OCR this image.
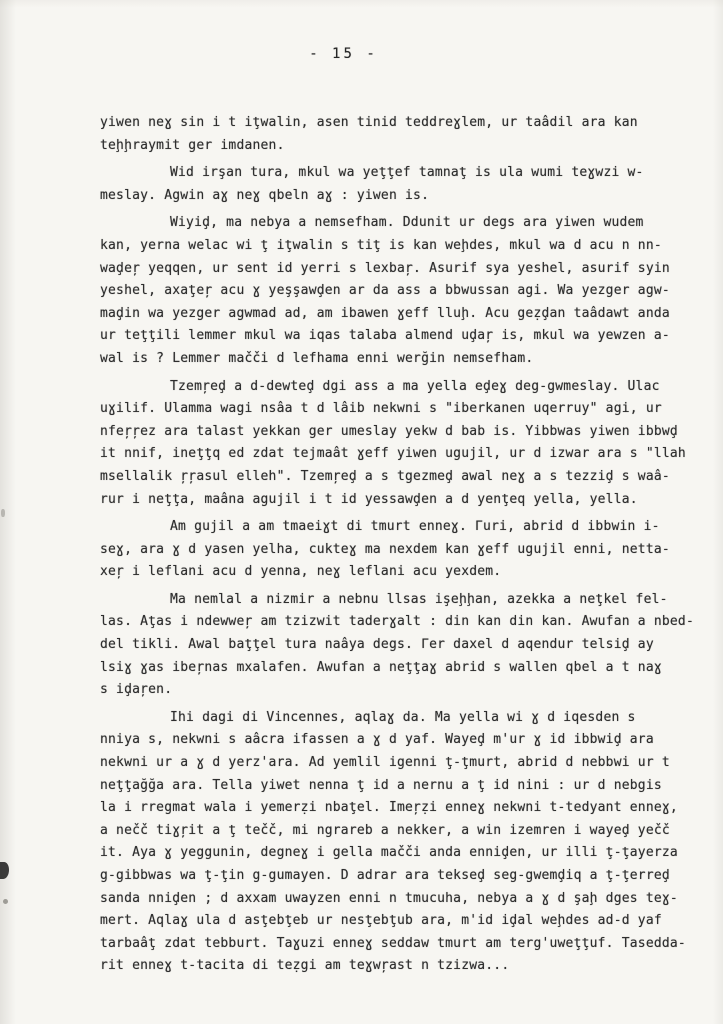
- 15 -
yiwen neɣ sin i t iţwalin, asen tinid teddreɣlem, ur taâdil ara kan
teḩḩraymit ger imdanen.
Wid irşan tura, mkul wa yeţţef tamnaţ is ula wumi teɣwzi w-
meslay. Agwin aɣ neɣ qbeln aɣ : yiwen is.
Wiyiḑ, ma nebya a nemsefham. Ddunit ur degs ara yiwen wudem
kan, yerna welac wi ţ iţwalin s tiţ is kan weḩdes, mkul wa d acu n nn-
waḑeŗ yeqqen, ur sent id yerri s lexbaŗ. Asurif sya yeshel, asurif syin
yeshel, axaţeŗ acu ɣ yeşşawḑen ar da ass a bbwussan agi. Wa yezger agw-
maḑin wa yezger agwmad ad, am ibawen ɣeff lluḩ. Acu geẓḑan taâdawt anda
ur teţţili lemmer mkul wa iqas talaba almend uḑaŗ is, mkul wa yewzen a-
wal is ? Lemmer mačči d lefhama enni werğin nemsefham.
Tzemŗeḑ a d-dewteḑ dgi ass a ma yella eḑeɣ deg-gwmeslay. Ulac
uɣilif. Ulamma wagi nsâa t d lâib nekwni s "iberkanen uqerruy" agi, ur
nfeŗŗez ara talast yekkan ger umeslay yekw d bab is. Yibbwas yiwen ibbwḑ
it nnif, ineţţq ed zdat tejmaât ɣeff yiwen ugujil, ur d izwar ara s "llah
msellalik ŗŗasul elleh". Tzemŗeḑ a s tgezmeḑ awal neɣ a s tezziḑ s waâ-
rur i neţţa, maâna agujil i t id yessawḑen a d yenţeq yella, yella.
Am gujil a am tmaeiɣt di tmurt enneɣ. Γuri, abrid d ibbwin i-
seɣ, ara ɣ d yasen yelha, cukteɣ ma nexdem kan ɣeff ugujil enni, netta-
xeŗ i leflani acu d yenna, neɣ leflani acu yexdem.
Ma nemlal a nizmir a nebnu llsas işeḩḩan, azekka a neţkel fel-
las. Aţas i ndewweŗ am tzizwit taderɣalt : din kan din kan. Awufan a nbed-
del tikli. Awal baţţel tura naâya degs. Γer daxel d aqendur telsiḑ ay
lsiɣ ɣas ibeŗnas mxalafen. Awufan a neţţaɣ abrid s wallen qbel a t naɣ
s iḑaŗen.
Ihi dagi di Vincennes, aqlaɣ da. Ma yella wi ɣ d iqesden s
nniya s, nekwni s aâcra ifassen a ɣ d yaf. Wayeḑ m'ur ɣ id ibbwiḑ ara
nekwni ur a ɣ d yerz'ara. Ad yemlil igenni ţ-ţmurt, abrid d nebbwi ur t
neţţağğa ara. Tella yiwet nenna ţ id a nernu a ţ id nini : ur d nebgis
la i rregmat wala i yemerẓi nbaţel. Imeŗẓi enneɣ nekwni t-tedyant enneɣ,
a nečč tiɣŗit a ţ tečč, mi ngrareb a nekker, a win izemren i wayeḑ yečč
it. Aya ɣ yeggunin, degneɣ i gella mačči anda enniḑen, ur illi ţ-ţayerza
g-gibbwas wa ţ-ţin g-gumayen. D adrar ara tekseḑ seg-gwemḑiq a ţ-ţerreḑ
sanda nniḑen ; d axxam uwayzen enni n tmucuha, nebya a ɣ d şaḩ dges teɣ-
mert. Aqlaɣ ula d asţebţeb ur nesţebţub ara, m'id iḑal weḩdes ad-d yaf
tarbaâţ zdat tebburt. Taɣuzi enneɣ seddaw tmurt am terg'uweţţuf. Tasedda-
rit enneɣ t-tacita di teẓgi am teɣwŗast n tzizwa...
